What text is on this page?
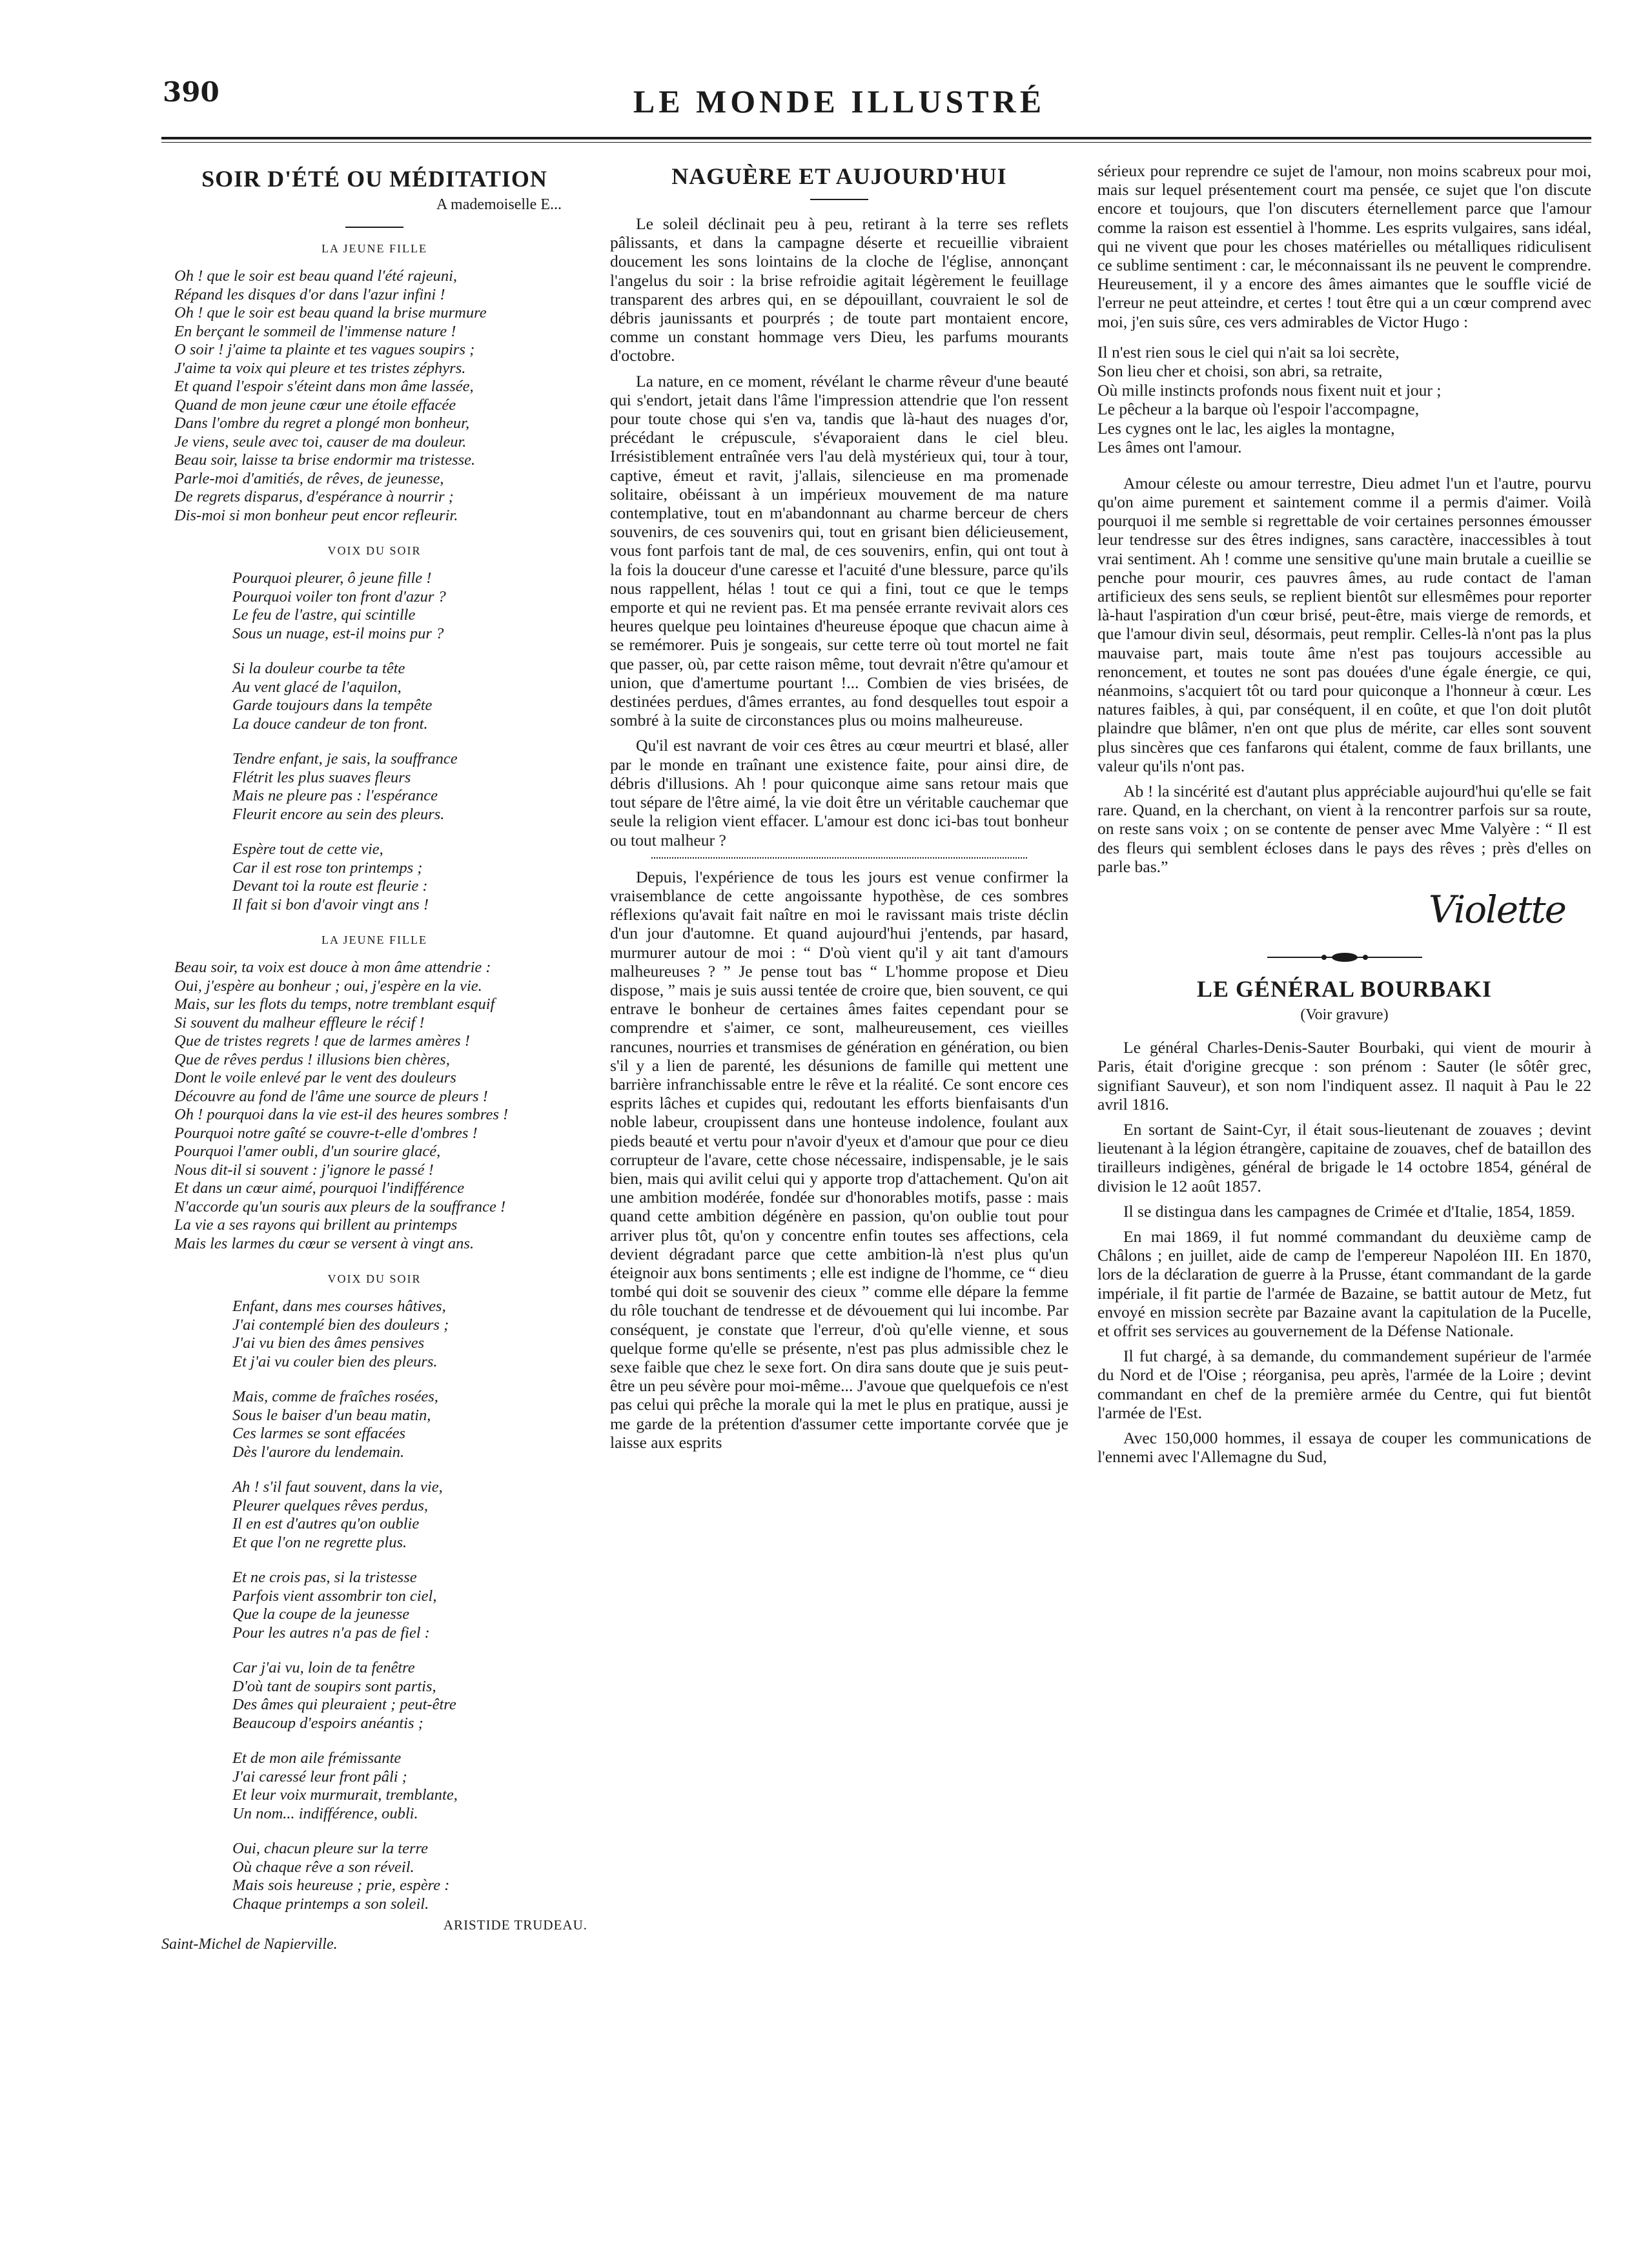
390	LE MONDE ILLUSTRÉ
SOIR D'ÉTÉ OU MÉDITATION
A mademoiselle E...
LA JEUNE FILLE
Oh ! que le soir est beau quand l'été rajeuni,
Répand les disques d'or dans l'azur infini !
Oh ! que le soir est beau quand la brise murmure
En berçant le sommeil de l'immense nature !
O soir ! j'aime ta plainte et tes vagues soupirs ;
J'aime ta voix qui pleure et tes tristes zéphyrs.
Et quand l'espoir s'éteint dans mon âme lassée,
Quand de mon jeune cœur une étoile effacée
Dans l'ombre du regret a plongé mon bonheur,
Je viens, seule avec toi, causer de ma douleur.
Beau soir, laisse ta brise endormir ma tristesse.
Parle-moi d'amitiés, de rêves, de jeunesse,
De regrets disparus, d'espérance à nourrir ;
Dis-moi si mon bonheur peut encor refleurir.
VOIX DU SOIR
Pourquoi pleurer, ô jeune fille !
Pourquoi voiler ton front d'azur ?
Le feu de l'astre, qui scintille
Sous un nuage, est-il moins pur ?
Si la douleur courbe ta tête
Au vent glacé de l'aquilon,
Garde toujours dans la tempête
La douce candeur de ton front.
Tendre enfant, je sais, la souffrance
Flétrit les plus suaves fleurs
Mais ne pleure pas : l'espérance
Fleurit encore au sein des pleurs.
Espère tout de cette vie,
Car il est rose ton printemps ;
Devant toi la route est fleurie :
Il fait si bon d'avoir vingt ans !
LA JEUNE FILLE
Beau soir, ta voix est douce à mon âme attendrie :
Oui, j'espère au bonheur ; oui, j'espère en la vie.
Mais, sur les flots du temps, notre tremblant esquif
Si souvent du malheur effleure le récif !
Que de tristes regrets ! que de larmes amères !
Que de rêves perdus ! illusions bien chères,
Dont le voile enlevé par le vent des douleurs
Découvre au fond de l'âme une source de pleurs !
Oh ! pourquoi dans la vie est-il des heures sombres !
Pourquoi notre gaîté se couvre-t-elle d'ombres !
Pourquoi l'amer oubli, d'un sourire glacé,
Nous dit-il si souvent : j'ignore le passé !
Et dans un cœur aimé, pourquoi l'indifférence
N'accorde qu'un souris aux pleurs de la souffrance !
La vie a ses rayons qui brillent au printemps
Mais les larmes du cœur se versent à vingt ans.
VOIX DU SOIR
Enfant, dans mes courses hâtives,
J'ai contemplé bien des douleurs ;
J'ai vu bien des âmes pensives
Et j'ai vu couler bien des pleurs.
Mais, comme de fraîches rosées,
Sous le baiser d'un beau matin,
Ces larmes se sont effacées
Dès l'aurore du lendemain.
Ah ! s'il faut souvent, dans la vie,
Pleurer quelques rêves perdus,
Il en est d'autres qu'on oublie
Et que l'on ne regrette plus.
Et ne crois pas, si la tristesse
Parfois vient assombrir ton ciel,
Que la coupe de la jeunesse
Pour les autres n'a pas de fiel :
Car j'ai vu, loin de ta fenêtre
D'où tant de soupirs sont partis,
Des âmes qui pleuraient ; peut-être
Beaucoup d'espoirs anéantis ;
Et de mon aile frémissante
J'ai caressé leur front pâli ;
Et leur voix murmurait, tremblante,
Un nom... indifférence, oubli.
Oui, chacun pleure sur la terre
Où chaque rêve a son réveil.
Mais sois heureuse ; prie, espère :
Chaque printemps a son soleil.
ARISTIDE TRUDEAU.
Saint-Michel de Napierville.
NAGUÈRE ET AUJOURD'HUI

Le soleil déclinait peu à peu, retirant à la terre ses reflets pâlissants, et dans la campagne déserte et recueillie vibraient doucement les sons lointains de la cloche de l'église, annonçant l'angelus du soir : la brise refroidie agitait légèrement le feuillage transparent des arbres qui, en se dépouillant, couvraient le sol de débris jaunissants et pourprés ; de toute part montaient encore, comme un constant hommage vers Dieu, les parfums mourants d'octobre.

La nature, en ce moment, révélant le charme rêveur d'une beauté qui s'endort, jetait dans l'âme l'impression attendrie que l'on ressent pour toute chose qui s'en va, tandis que là-haut des nuages d'or, précédant le crépuscule, s'évaporaient dans le ciel bleu. Irrésistiblement entraînée vers l'au delà mystérieux qui, tour à tour, captive, émeut et ravit, j'allais, silencieuse en ma promenade solitaire, obéissant à un impérieux mouvement de ma nature contemplative, tout en m'abandonnant au charme berceur de chers souvenirs, de ces souvenirs qui, tout en grisant bien délicieusement, vous font parfois tant de mal, de ces souvenirs, enfin, qui ont tout à la fois la douceur d'une caresse et l'acuité d'une blessure, parce qu'ils nous rappellent, hélas ! tout ce qui a fini, tout ce que le temps emporte et qui ne revient pas. Et ma pensée errante revivait alors ces heures quelque peu lointaines d'heureuse époque que chacun aime à se remémorer. Puis je songeais, sur cette terre où tout mortel ne fait que passer, où, par cette raison même, tout devrait n'être qu'amour et union, que d'amertume pourtant !... Combien de vies brisées, de destinées perdues, d'âmes errantes, au fond desquelles tout espoir a sombré à la suite de circonstances plus ou moins malheureuse.

Qu'il est navrant de voir ces êtres au cœur meurtri et blasé, aller par le monde en traînant une existence faite, pour ainsi dire, de débris d'illusions. Ah ! pour quiconque aime sans retour mais que tout sépare de l'être aimé, la vie doit être un véritable cauchemar que seule la religion vient effacer. L'amour est donc ici-bas tout bonheur ou tout malheur ?

Depuis, l'expérience de tous les jours est venue confirmer la vraisemblance de cette angoissante hypothèse, de ces sombres réflexions qu'avait fait naître en moi le ravissant mais triste déclin d'un jour d'automne. Et quand aujourd'hui j'entends, par hasard, murmurer autour de moi : “ D'où vient qu'il y ait tant d'amours malheureuses ? ” Je pense tout bas “ L'homme propose et Dieu dispose, ” mais je suis aussi tentée de croire que, bien souvent, ce qui entrave le bonheur de certaines âmes faites cependant pour se comprendre et s'aimer, ce sont, malheureusement, ces vieilles rancunes, nourries et transmises de génération en génération, ou bien s'il y a lien de parenté, les désunions de famille qui mettent une barrière infranchissable entre le rêve et la réalité. Ce sont encore ces esprits lâches et cupides qui, redoutant les efforts bienfaisants d'un noble labeur, croupissent dans une honteuse indolence, foulant aux pieds beauté et vertu pour n'avoir d'yeux et d'amour que pour ce dieu corrupteur de l'avare, cette chose nécessaire, indispensable, je le sais bien, mais qui avilit celui qui y apporte trop d'attachement. Qu'on ait une ambition modérée, fondée sur d'honorables motifs, passe : mais quand cette ambition dégénère en passion, qu'on oublie tout pour arriver plus tôt, qu'on y concentre enfin toutes ses affections, cela devient dégradant parce que cette ambition-là n'est plus qu'un éteignoir aux bons sentiments ; elle est indigne de l'homme, ce “ dieu tombé qui doit se souvenir des cieux ” comme elle dépare la femme du rôle touchant de tendresse et de dévouement qui lui incombe. Par conséquent, je constate que l'erreur, d'où qu'elle vienne, et sous quelque forme qu'elle se présente, n'est pas plus admissible chez le sexe faible que chez le sexe fort. On dira sans doute que je suis peut-être un peu sévère pour moi-même... J'avoue que quelquefois ce n'est pas celui qui prêche la morale qui la met le plus en pratique, aussi je me garde de la prétention d'assumer cette importante corvée que je laisse aux esprits

sérieux pour reprendre ce sujet de l'amour, non moins scabreux pour moi, mais sur lequel présentement court ma pensée, ce sujet que l'on discute encore et toujours, que l'on discuters éternellement parce que l'amour comme la raison est essentiel à l'homme. Les esprits vulgaires, sans idéal, qui ne vivent que pour les choses matérielles ou métalliques ridiculisent ce sublime sentiment : car, le méconnaissant ils ne peuvent le comprendre. Heureusement, il y a encore des âmes aimantes que le souffle vicié de l'erreur ne peut atteindre, et certes ! tout être qui a un cœur comprend avec moi, j'en suis sûre, ces vers admirables de Victor Hugo :

Il n'est rien sous le ciel qui n'ait sa loi secrète,
Son lieu cher et choisi, son abri, sa retraite,
Où mille instincts profonds nous fixent nuit et jour ;
Le pêcheur a la barque où l'espoir l'accompagne,
Les cygnes ont le lac, les aigles la montagne,
Les âmes ont l'amour.

Amour céleste ou amour terrestre, Dieu admet l'un et l'autre, pourvu qu'on aime purement et saintement comme il a permis d'aimer. Voilà pourquoi il me semble si regrettable de voir certaines personnes émousser leur tendresse sur des êtres indignes, sans caractère, inaccessibles à tout vrai sentiment. Ah ! comme une sensitive qu'une main brutale a cueillie se penche pour mourir, ces pauvres âmes, au rude contact de l'aman artificieux des sens seuls, se replient bientôt sur ellesmêmes pour reporter là-haut l'aspiration d'un cœur brisé, peut-être, mais vierge de remords, et que l'amour divin seul, désormais, peut remplir. Celles-là n'ont pas la plus mauvaise part, mais toute âme n'est pas toujours accessible au renoncement, et toutes ne sont pas douées d'une égale énergie, ce qui, néanmoins, s'acquiert tôt ou tard pour quiconque a l'honneur à cœur. Les natures faibles, à qui, par conséquent, il en coûte, et que l'on doit plutôt plaindre que blâmer, n'en ont que plus de mérite, car elles sont souvent plus sincères que ces fanfarons qui étalent, comme de faux brillants, une valeur qu'ils n'ont pas.

Ab ! la sincérité est d'autant plus appréciable aujourd'hui qu'elle se fait rare. Quand, en la cherchant, on vient à la rencontrer parfois sur sa route, on reste sans voix ; on se contente de penser avec Mme Valyère : “ Il est des fleurs qui semblent écloses dans le pays des rêves ; près d'elles on parle bas.”

Violette
LE GÉNÉRAL BOURBAKI
(Voir gravure)

Le général Charles-Denis-Sauter Bourbaki, qui vient de mourir à Paris, était d'origine grecque : son prénom : Sauter (le sôtêr grec, signifiant Sauveur), et son nom l'indiquent assez. Il naquit à Pau le 22 avril 1816.

En sortant de Saint-Cyr, il était sous-lieutenant de zouaves ; devint lieutenant à la légion étrangère, capitaine de zouaves, chef de bataillon des tirailleurs indigènes, général de brigade le 14 octobre 1854, général de division le 12 août 1857.

Il se distingua dans les campagnes de Crimée et d'Italie, 1854, 1859.

En mai 1869, il fut nommé commandant du deuxième camp de Châlons ; en juillet, aide de camp de l'empereur Napoléon III. En 1870, lors de la déclaration de guerre à la Prusse, étant commandant de la garde impériale, il fit partie de l'armée de Bazaine, se battit autour de Metz, fut envoyé en mission secrète par Bazaine avant la capitulation de la Pucelle, et offrit ses services au gouvernement de la Défense Nationale.

Il fut chargé, à sa demande, du commandement supérieur de l'armée du Nord et de l'Oise ; réorganisa, peu après, l'armée de la Loire ; devint commandant en chef de la première armée du Centre, qui fut bientôt l'armée de l'Est.

Avec 150,000 hommes, il essaya de couper les communications de l'ennemi avec l'Allemagne du Sud,
